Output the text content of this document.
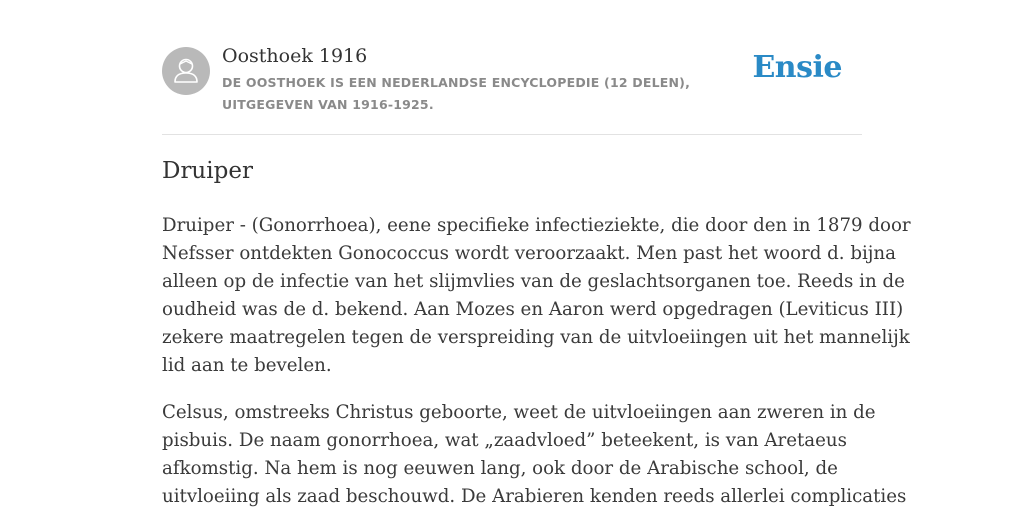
Oosthoek 1916
DE OOSTHOEK IS EEN NEDERLANDSE ENCYCLOPEDIE (12 DELEN), UITGEGEVEN VAN 1916-1925.
Ensie
Druiper

Druiper - (Gonorrhoea), eene specifieke infectieziekte, die door den in 1879 door
Nefsser ontdekten Gonococcus wordt veroorzaakt. Men past het woord d. bijna
alleen op de infectie van het slijmvlies van de geslachtsorganen toe. Reeds in de
oudheid was de d. bekend. Aan Mozes en Aaron werd opgedragen (Leviticus III)
zekere maatregelen tegen de verspreiding van de uitvloeiingen uit het mannelijk
lid aan te bevelen.

Celsus, omstreeks Christus geboorte, weet de uitvloeiingen aan zweren in de
pisbuis. De naam gonorrhoea, wat „zaadvloed” beteekent, is van Aretaeus
afkomstig. Na hem is nog eeuwen lang, ook door de Arabische school, de
uitvloeiing als zaad beschouwd. De Arabieren kenden reeds allerlei complicaties
